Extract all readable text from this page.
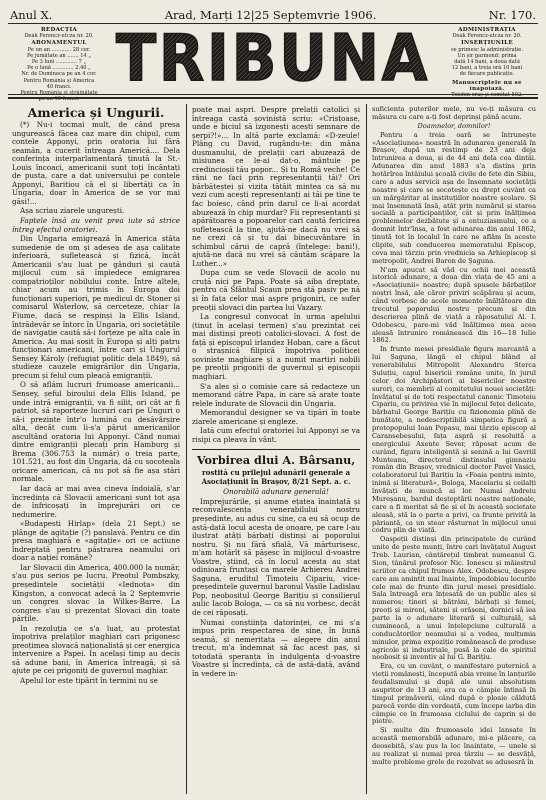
Anul X.	Arad, Marți 12|25 Septemvrie 1906.	Nr. 170.
REDACȚIA
Deák Ferencz-utcza nr. 20.
ABONAMENTUL
Pe un an ............ 28 cor.
Pe jumătate an ....... 14 „
Pe 3 luni ............. 7 „
Pe o lună ............. 2.40 „
Nr. de Dumineca pe an 4 cor.
Pentru România și America
40 franci.
Pentru România și străinătate
pe an 10 franci.
TRIBUNA	ADMINISTRAȚIA
Deák Ferencz-utcza nr. 20.
INSERȚIUNILE
se primesc la administrație.
Un șir garmond: prima
dată 14 bani, a doua dată
12 bani, a treia oră 10 bani
de fiecare publicație.
Manuscriptele nu se
înapoiază.
Telefon oraș și comitat 502.

America și Ungurii.

(*) Nu-i tocmai mult, de când presa ungurească făcea caz mare din chipul, cum contele Apponyi, prin oratoria lui fără seamăn, a cucerit întreaga Americă.... Dela conferința interparlamentară ținută la St.-Louis încoaci, americanii sunt toți încântați de pusta, care a dat universului pe contele Apponyi, Baritiou că el și libertăți ca în Ungaria, doar în America de se vor mai găsi!...

Așa scriau ziarele ungurești.

Faptele însă au venit prea iute să strice întreg efectul oratoriei.

Din Ungaria emigrează în America stâta sumedenie de om și adesea de așa calitate inferioară, sufletească și fizică, încât Americanii s'au luat pe gânduri și caută mijlocul cum să împiedece emigrarea compatrioților nobilului conte. Între altele, chiar acum au trimis în Europa doi funcționari superiori, pe medicul dr. Stoner și comisarul Waterlow, să cerceteze, chiar la Fiume, dacă se respinși la Ellis Island, întrădevăr se întorc în Ungaria, ori societățile de navigație caută să-i forțeze pe alta cale în America. Au mai sosit în Europa și alți patru funcționari americani, între cari și Ungurul Sensey Károly (refugiat politic dela 1849), să studieze cauzele emigrărilor din Ungaria, precum și felul cum pleacă emigranții.

O să aflăm lucruri frumoase americanii... Sensey, șeful biroului dela Ellis Island, pe unde intră emigranții, va fi silit, ori cât ar fi patriot, să raporteze lucruri cari pe Unguri o să-i prezinte într'o lumină cu desăvârșire alta, decât cum li-s'a părut americanilor ascultând oratoria lui Apponyi. Când numai dintre emigranții plecați prin Hamburg și Brema (306.753 la număr) o treia parte, 101.521, au fost din Ungaria, dă cu socoteala oricare american, că nu pot să fie așa stări normale.

Iar dacă ar mai avea cineva îndoială, s'ar încredința că Slovacii americani sunt tot așa de înfricoșați în împrejurări ori ce nedumerire.

«Budapesti Hirlap» (dela 21 Sept.) se plânge de agitație (?) panslavă. Pentru ce din presa maghiară e «agitație» ori ce acțiune îndreptată pentru păstrarea neamului ori doar a nației române?

Iar Slovacii din America, 400.000 la număr, s'au pus serios pe lucru. Preotul Pombszky, președintele societății «Iednota» din Kingston, a convocat adecă la 2 Septemvrie un congres slovac la Wilkes-Barre. La congres s'au și prezentat Slovaci din toate părțile.

In rezoluția ce s'a luat, au protestat împotriva prelaților maghiari cari prigonesc preoțimea slovacă naționalistă și cer energica intervenire a Papei. In același timp au decis să adune bani, în America întreagă, și să ajute pe cei prigoniți de guvernul maghiar.

Apelul lor este tipărit în termini nu se

poate mai aspri. Despre prelații catolici și întreaga castă șovinistă scriu: «Cristoase, unde e biciul să izgonești acești semnare de șerpi?!»... In altă parte exclamă: «D-zeule! Plâng cu David, rugându-te: din mâna dușmanului, de prelații cari abuzează de misiunea ce le-ai dat-o, mântuie pe credincioșii tău popor... Și tu Romă veche! Ce râni ne faci prin representanții tăi? Ori bărbăteștei și vizita tătăit mintea ca să nu vezi cum acești representanți ai tăi pe tine te fac boiesc, când prin darul ce li-ai acordat abuzează în chip murdar? Fii representanți și apărătoarea a popoarelor cari caută fericirea sufletească la tine, ajută-ne dacă nu vrei să ne crezi că și tu dai binecuvântare în schimbul cărui de capră (înțelege: bani!), ajută-ne dacă nu vrei să căutăm scăpare la Luther...»

Dupa cum se vede Slovacii de acolo nu cruță nici pe Papa. Poate să aiba dreptate, pentru că Sfântul Scaun prea stă pasiv pe nă și în fața celor mai aspre prigoniri, ce sufer preoții slovaci din partea lui Vazary.

La congresul convocat în urma apelului (tinut în același termen) s'au prezintat cei mai distinși preoți catolici-slovaci. A fost de față și episcopul irlandez Hoban, care a făcut o strașnică filipică împotriva politicei șoviniste maghiare și a numit martiri nobili pe preoții prigoniți de guvernul și episcopii maghiari.

S'a ales și o comisie care să redacteze un memorand către Papa, in care să arate toate relele îndurate de Slovacii din Ungaria.

Memorandul designer se va tipări în toate ziarele americane și engleze.

Iată cum efectul oratoriei lui Apponyi se va risipi ca pleava în vânt.

Vorbirea dlui A. Bârsanu,
rostită cu prilejul adunării generale a Asociațiunii în Brașov, 8/21 Sept. a. c.

Onorabilă adunare generală!

Imprejurările, și anume ețatea înaintată și reconvalescența venerabilului nostru președinte, au adus cu sine, ca eu să ocup de astă-dată locul acesta de onoare, pe care l-au ilustrat atâți bărbați distinși ai poporului nostru. Și nu fără sfială, Vă mărturisesc, m'am hotărît să pășesc în mijlocul d-voastre Voastre, știind, că în locul acesta au stat odinioară fruntași ca marele Arhiereu Andrei Șaguna, eruditul Timoteiu Cipariu, vice-președintele guvernul baronul Vasile Ladislau Pop, neobositul George Barițiu și consilierul aulic Iacob Bologa, — ca să nu vorbesc, decât de cei răposați.

Numai conștiința datorinței, ce mi s'a impus prin respectarea de sine, în bună seamă, și nemeritata — alegere din anul trecut, m'a îndemnat să fac acest pas, și totodată speranța în indulgența d-voastre Voastre și încredința, că de astă-dată, având în vedere in-

suficienta puterilor mele, nu ve-ți măsura cu măsura cu care a-ți fost deprinși până acum.

Doamnelor, domnilor!

Pentru a treia oară se întrunește «Asociațiunea» noastră în adunarea generală în Brașov, după un restimp de 23 ani deja întrunirea a doua, și de 44 ani dela cea dintâi. Adunarea din anul 1883 s'a distins prin hotărîrea întâiului școală civile de fete din Sibiu, care a adus servicii așa de însemnate societății noastre și care se socotește cu drept cuvânt ca un mărgăritar al instituțiilor noastre școlare. Și mai însemnată însă, atât prin numărul și starea socială a participanților, cât și prin înălțimea problemelor dezbătute și a entuziasmului, ce a domnit într'însa, a fost adunarea din anul 1862, ținută tot în localul în care ne aflăm în aceste clipite, sub conducerea memoratului Episcop, ceva mai târziu prin vrednicia sa Arhiepiscop și metropolit, Andrei Baron de Șaguna.

N'am apucat să văd cu ochii mei această istorică adunare, a doua din viața de 45 ani a «Asociațiunii» noastre; după spusele bărbaților noștri însă, ale căror priviri scăpărau și acum, când vorbesc de acele momente înălțătoare din trecutul poporului nostru precum și din descrierea plină de viață a răposatului Al. I. Odobescu, pare-mi văd înălțimea mea acea aleasă întrunire românească din 16—18 Iulie 1862.

In frunte mesei presidiale figura marcantă a lui Șaguna, lângă el chipul blând al venerabilului Mitropolit Alexandru Sterca Șuluțiu, capul bisericii române unite, în jurul celor doi Archipăstori ai bisericilor noastre surori, ca membrii al comitetului nouei societăți: învățatul și de toți respectatul canonic Timoteiu Cipariu, cu privirea vie în mijlocul feței delicate, bărbatul George Barițiu cu fizionomia plină de bunătate, a nedescriptibilă simpatica figură a protopopului Ioan Popasu, mai târziu episcop al Caransebeșului, fața aspră și resoluită a energicului Axente Sever, răposat acum de curând, figura inteligentă și senină a lui Gavriil Munteanu, directorul distinsului gimnaziu român din Brașov, vrednicul doctor Pavel Vasici, colaboratorul lui Barițiu la «Foaia pentru minte, inimă și literatură», Bologa, Macelariu și ceilalți învățați de muncă ai lor. Numai Andreiu Mureșanu, bardul deșteptării noastre naționale, care a fi meritat să fie și el în această societate aleasă, stă la o parte a privi, ca frunte privită la păriantă, ca un stear răsturnat în mijlocul unui codru plin de viață.

Oaspeții distinși din principatele de curând unite de peste munți, între cari învățatul August Treb. Laurian, cântărețul timbrat numeanul G. Sion, tânărul profesor Nic. Ionescu și măiestrul scriitor ca chipul frumos Alex. Odobescu, despre care am amintit mai înainte, împodobiau locurile cele mai de frunte din jurul mesei presidiale. Sala întreagă era înțesată de un public ales și numeros; tineri și bătrâni, bărbați și femei, preoți și mireni, săteni și orășeni, dornici să iea parte la o adunare literară și culturală, să cumineacă, a unui înțelepciune culturală a conducătorilor neamului și a vedea, mulțumia minulor, prima expoziție românească de produse agricole și industriale, pusă la cale de spiritul neobosit și inventiv al lui G. Barițiu.

Era, cu un cuvânt, o manifestare puternică a vieții românești, începută abia vreme în lanțurile feudalismului și după ale unui absolutism asupritor de 13 ani, era ca o câmpie întinsă în timpul primăverii, când după o ploaie căldută parecă verde din verdeață, cum începe iarba din câmpie ce în frumoasa ciclului de caprin și de pietre.

Și multe din frumoasele idei lansate în această memorabilă adunare, mi-e plăcere, ca deosebită, s'au pus la loc înaintate, — unele și au realizat și numai prea târziu — se desvăță, multe probleme grele de rezolvat se adusesră în
